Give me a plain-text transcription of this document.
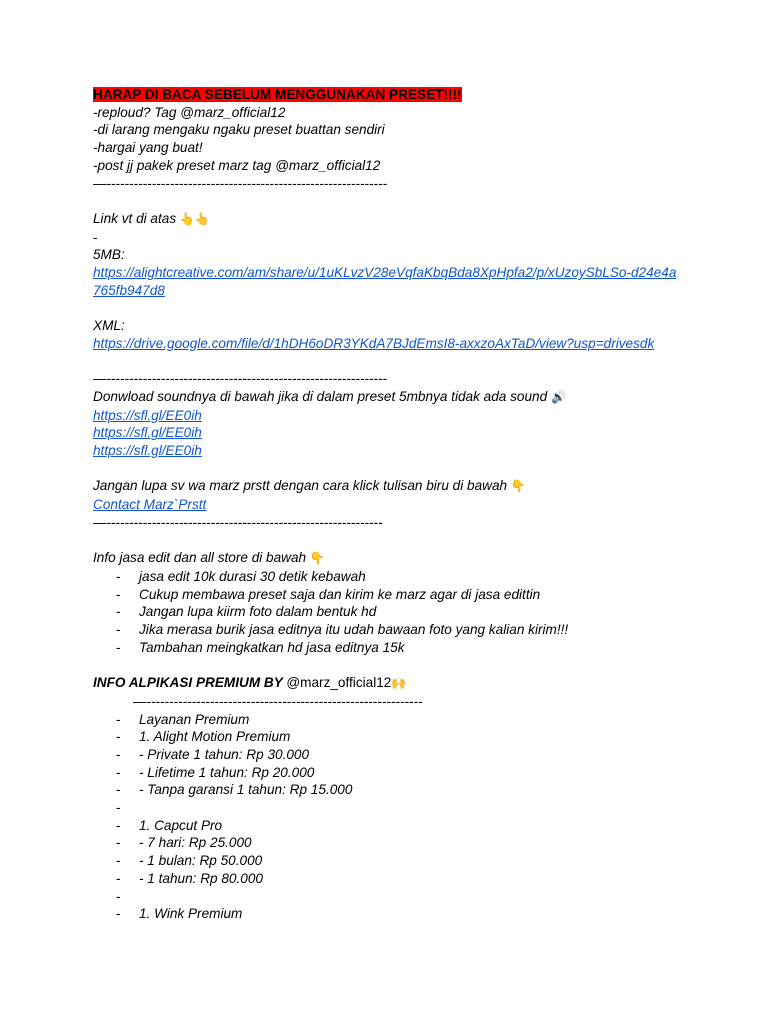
HARAP DI BACA SEBELUM MENGGUNAKAN PRESET!!!!
-reploud? Tag @marz_official12
-di larang mengaku ngaku preset buattan sendiri
-hargai yang buat!
-post jj pakek preset marz tag @marz_official12
—--------------------------------------------------------------
Link vt di atas 👆👆
-
5MB:
https://alightcreative.com/am/share/u/1uKLvzV28eVqfaKbqBda8XpHpfa2/p/xUzoySbLSo-d24e4a765fb947d8
XML:
https://drive.google.com/file/d/1hDH6oDR3YKdA7BJdEmsI8-axxzoAxTaD/view?usp=drivesdk
—--------------------------------------------------------------
Donwload soundnya di bawah jika di dalam preset 5mbnya tidak ada sound 🔊
https://sfl.gl/EE0ih
https://sfl.gl/EE0ih
https://sfl.gl/EE0ih
Jangan lupa sv wa marz prstt dengan cara klick tulisan biru di bawah 👇
Contact Marz`Prstt
—-------------------------------------------------------------
Info jasa edit dan all store di bawah 👇
- jasa edit 10k durasi 30 detik kebawah
- Cukup membawa preset saja dan kirim ke marz agar di jasa edittin
- Jangan lupa kiirm foto dalam bentuk hd
- Jika merasa burik jasa editnya itu udah bawaan foto yang kalian kirim!!!
- Tambahan meingkatkan hd jasa editnya 15k
INFO ALPIKASI PREMIUM BY @marz_official12🙌
—-------------------------------------------------------------
- Layanan Premium
- 1. Alight Motion Premium
- - Private 1 tahun: Rp 30.000
- - Lifetime 1 tahun: Rp 20.000
- - Tanpa garansi 1 tahun: Rp 15.000
-
- 1. Capcut Pro
- - 7 hari: Rp 25.000
- - 1 bulan: Rp 50.000
- - 1 tahun: Rp 80.000
-
- 1. Wink Premium
